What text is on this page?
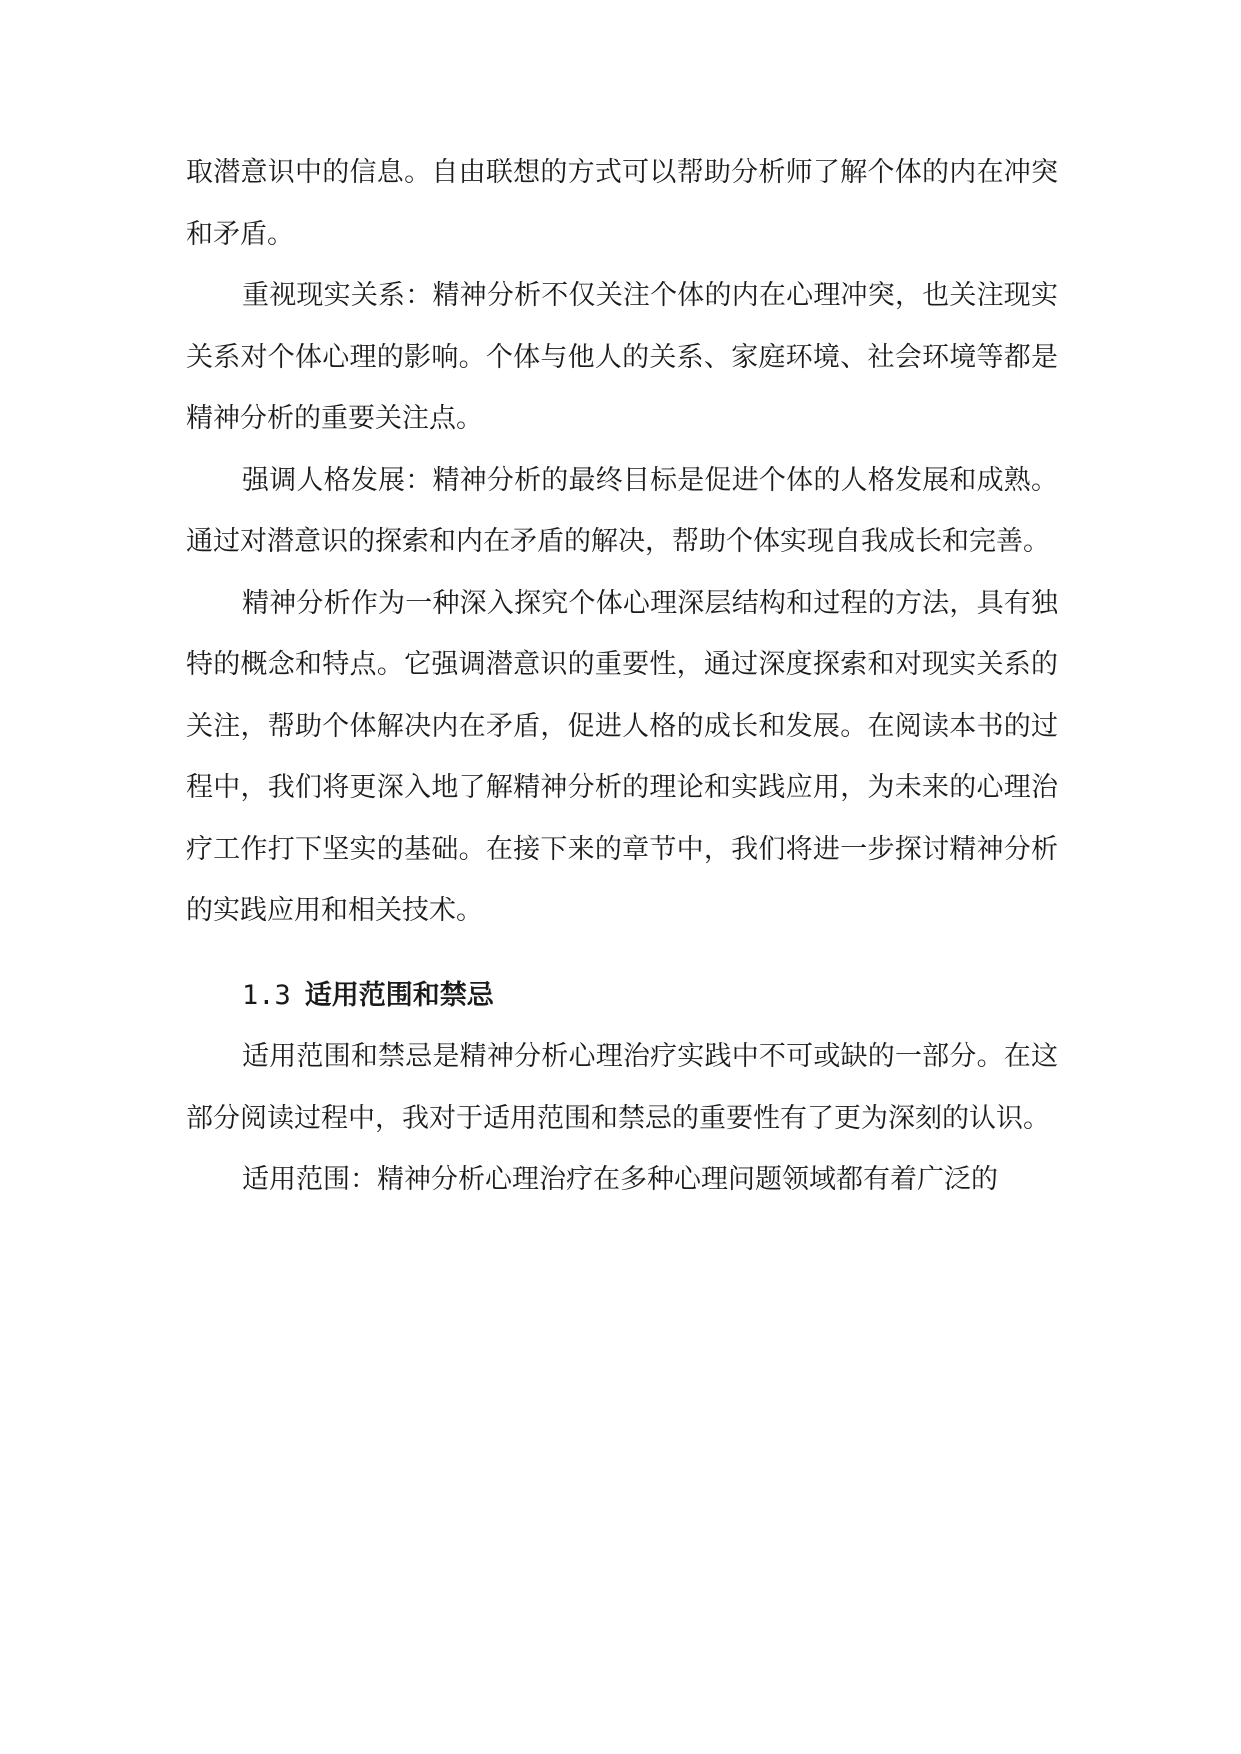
取潜意识中的信息。自由联想的方式可以帮助分析师了解个体的内在冲突和矛盾。

重视现实关系：精神分析不仅关注个体的内在心理冲突，也关注现实关系对个体心理的影响。个体与他人的关系、家庭环境、社会环境等都是精神分析的重要关注点。

强调人格发展：精神分析的最终目标是促进个体的人格发展和成熟。通过对潜意识的探索和内在矛盾的解决，帮助个体实现自我成长和完善。

精神分析作为一种深入探究个体心理深层结构和过程的方法，具有独特的概念和特点。它强调潜意识的重要性，通过深度探索和对现实关系的关注，帮助个体解决内在矛盾，促进人格的成长和发展。在阅读本书的过程中，我们将更深入地了解精神分析的理论和实践应用，为未来的心理治疗工作打下坚实的基础。在接下来的章节中，我们将进一步探讨精神分析的实践应用和相关技术。

1.3 适用范围和禁忌

适用范围和禁忌是精神分析心理治疗实践中不可或缺的一部分。在这部分阅读过程中，我对于适用范围和禁忌的重要性有了更为深刻的认识。

适用范围：精神分析心理治疗在多种心理问题领域都有着广泛的
